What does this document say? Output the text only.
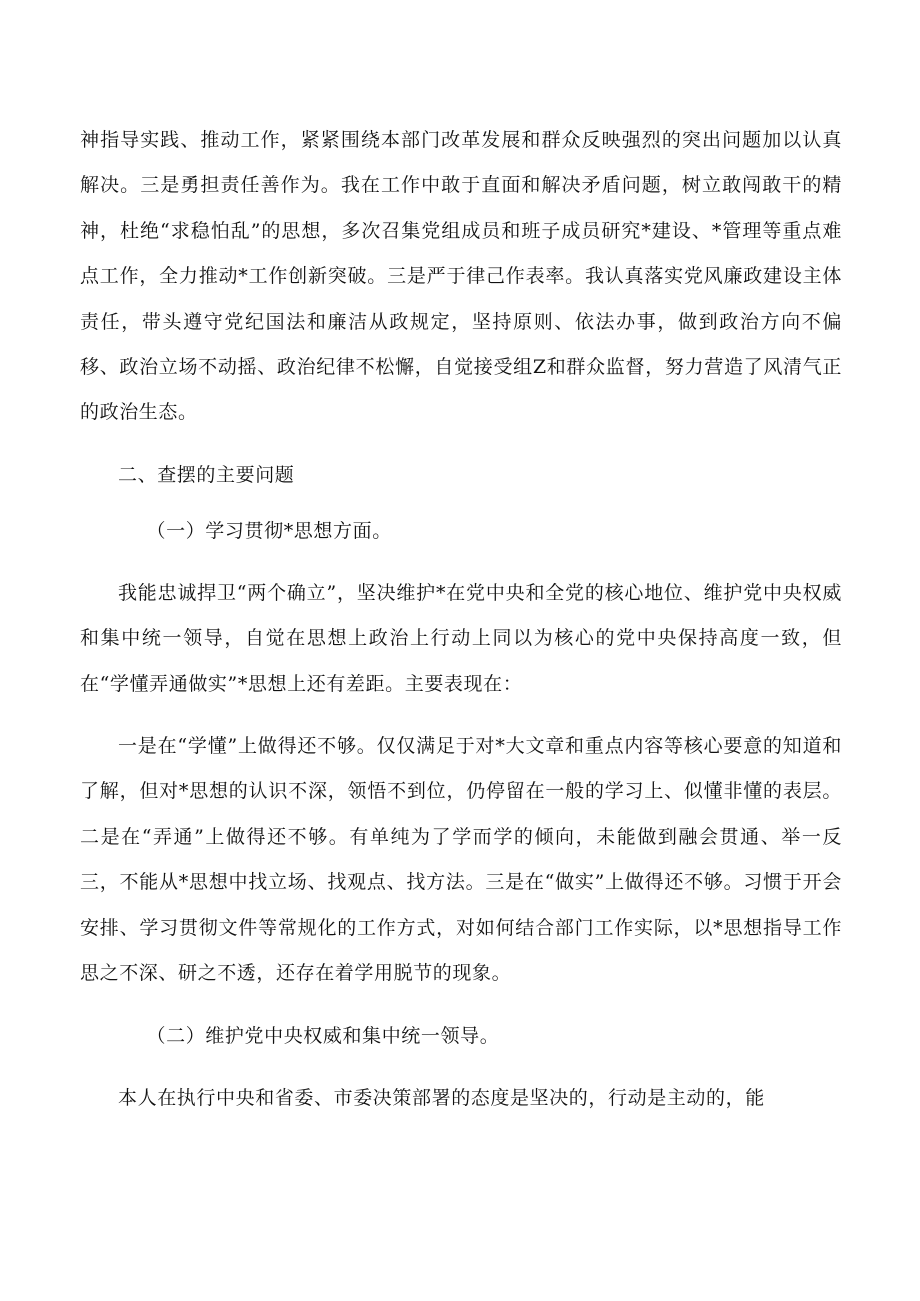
神指导实践、推动工作，紧紧围绕本部门改革发展和群众反映强烈的突出问题加以认真解决。三是勇担责任善作为。我在工作中敢于直面和解决矛盾问题，树立敢闯敢干的精神，杜绝“求稳怕乱”的思想，多次召集党组成员和班子成员研究*建设、*管理等重点难点工作，全力推动*工作创新突破。三是严于律己作表率。我认真落实党风廉政建设主体责任，带头遵守党纪国法和廉洁从政规定，坚持原则、依法办事，做到政治方向不偏移、政治立场不动摇、政治纪律不松懈，自觉接受组Z和群众监督，努力营造了风清气正的政治生态。

二、查摆的主要问题

（一）学习贯彻*思想方面。

我能忠诚捍卫“两个确立”，坚决维护*在党中央和全党的核心地位、维护党中央权威和集中统一领导，自觉在思想上政治上行动上同以为核心的党中央保持高度一致，但在“学懂弄通做实”*思想上还有差距。主要表现在：

一是在“学懂”上做得还不够。仅仅满足于对*大文章和重点内容等核心要意的知道和了解，但对*思想的认识不深，领悟不到位，仍停留在一般的学习上、似懂非懂的表层。二是在“弄通”上做得还不够。有单纯为了学而学的倾向，未能做到融会贯通、举一反三，不能从*思想中找立场、找观点、找方法。三是在“做实”上做得还不够。习惯于开会安排、学习贯彻文件等常规化的工作方式，对如何结合部门工作实际，以*思想指导工作思之不深、研之不透，还存在着学用脱节的现象。

（二）维护党中央权威和集中统一领导。

本人在执行中央和省委、市委决策部署的态度是坚决的，行动是主动的，能
